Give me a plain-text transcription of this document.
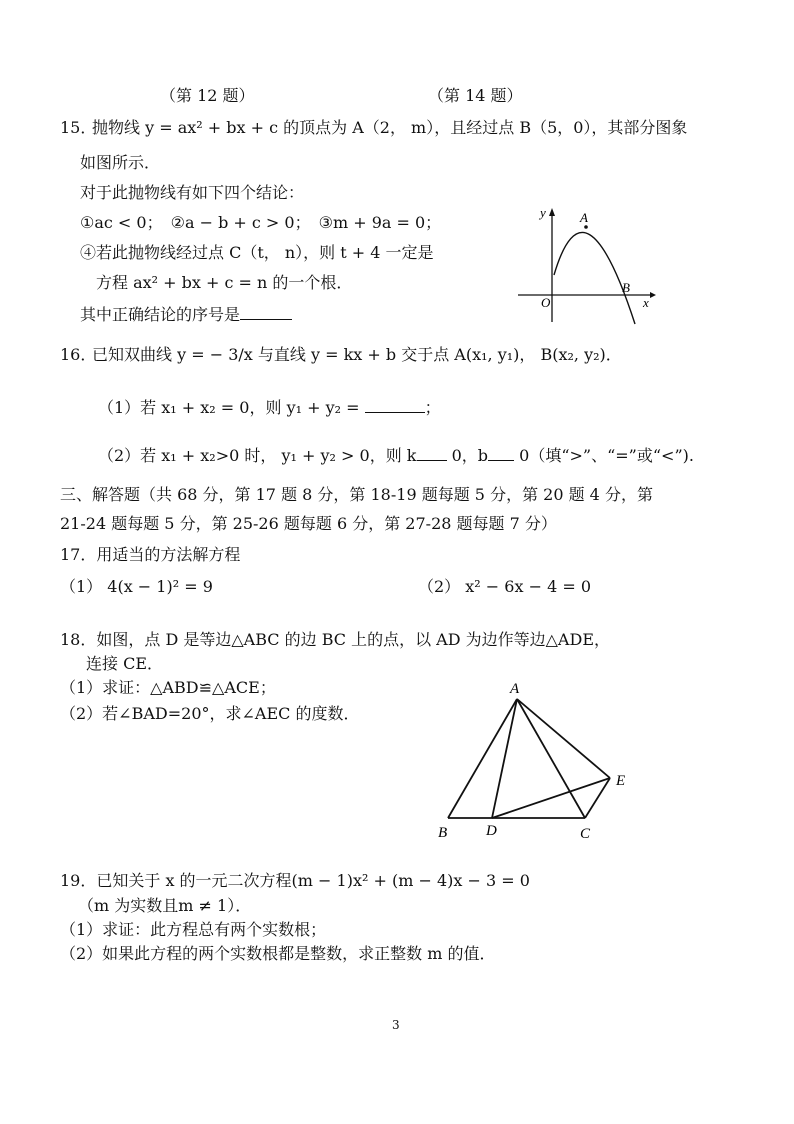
（第 12 题）	（第 14 题）
15．
抛物线 y = ax² + bx + c 的顶点为 A（2， m），且经过点 B（5，0），其部分图象
如图所示．
对于此抛物线有如下四个结论：
①ac < 0；　②a − b + c > 0；　③m + 9a = 0；
④若此抛物线经过点 C（t， n），则 t + 4 一定是
方程 ax² + bx + c = n 的一个根．
其中正确结论的序号是
y
x
O
A
B
16．
已知双曲线 y = − 3/x 与直线 y = kx + b 交于点 A(x₁, y₁)， B(x₂, y₂)．
（1）若 x₁ + x₂ = 0，则 y₁ + y₂ =	；
（2）若 x₁ + x₂>0 时， y₁ + y₂ > 0，则 k 0，b 0（填“>”、“=”或“<”).
三、解答题（共 68 分，第 17 题 8 分，第 18-19 题每题 5 分，第 20 题 4 分，第
21-24 题每题 5 分，第 25-26 题每题 6 分，第 27-28 题每题 7 分）
17．用适当的方法解方程
（1） 4(x − 1)² = 9	（2） x² − 6x − 4 = 0
18．如图，点 D 是等边△ABC 的边 BC 上的点，以 AD 为边作等边△ADE，
连接 CE．
（1）求证：△ABD≌△ACE；
（2）若∠BAD=20°，求∠AEC 的度数．
A
B	D	C
E
19．已知关于 x 的一元二次方程(m − 1)x² + (m − 4)x − 3 = 0
（m 为实数且m ≠ 1）．
（1）求证：此方程总有两个实数根；
（2）如果此方程的两个实数根都是整数，求正整数 m 的值．
3
